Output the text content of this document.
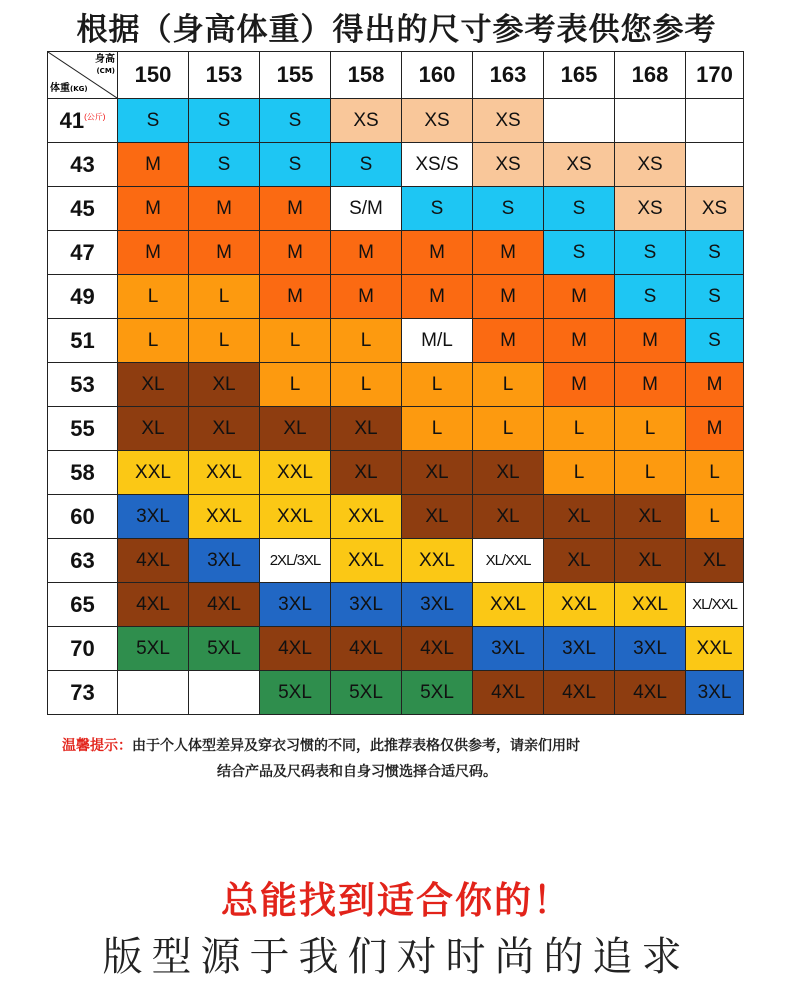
根据（身高体重）得出的尺寸参考表供您参考
身高
(CM)
体重(KG)	150	153	155	158	160	163	165	168	170
$41^{(公斤)}$	S	S	S	XS	XS	XS			
43	M	S	S	S	XS/S	XS	XS	XS	
45	M	M	M	S/M	S	S	S	XS	XS
47	M	M	M	M	M	M	S	S	S
49	L	L	M	M	M	M	M	S	S
51	L	L	L	L	M/L	M	M	M	S
53	XL	XL	L	L	L	L	M	M	M
55	XL	XL	XL	XL	L	L	L	L	M
58	XXL	XXL	XXL	XL	XL	XL	L	L	L
60	3XL	XXL	XXL	XXL	XL	XL	XL	XL	L
63	4XL	3XL	2XL/3XL	XXL	XXL	XL/XXL	XL	XL	XL
65	4XL	4XL	3XL	3XL	3XL	XXL	XXL	XXL	XL/XXL
70	5XL	5XL	4XL	4XL	4XL	3XL	3XL	3XL	XXL
73			5XL	5XL	5XL	4XL	4XL	4XL	3XL
温馨提示：由于个人体型差异及穿衣习惯的不同，此推荐表格仅供参考，请亲们用时
结合产品及尺码表和自身习惯选择合适尺码。
总能找到适合你的！
版型源于我们对时尚的追求
